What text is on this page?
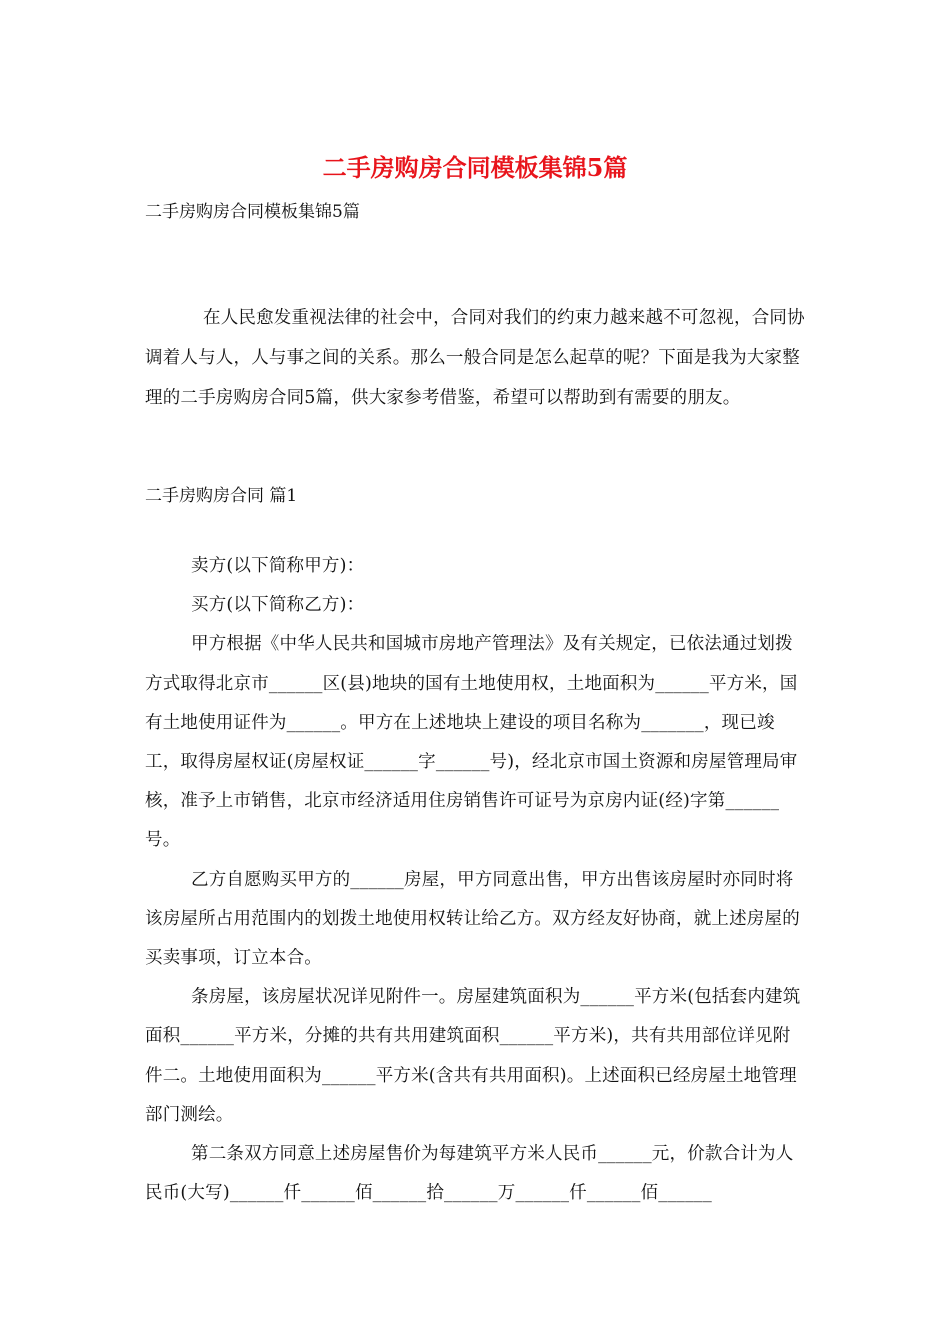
二手房购房合同模板集锦5篇

二手房购房合同模板集锦5篇

在人民愈发重视法律的社会中，合同对我们的约束力越来越不可忽视，合同协调着人与人，人与事之间的关系。那么一般合同是怎么起草的呢？下面是我为大家整理的二手房购房合同5篇，供大家参考借鉴，希望可以帮助到有需要的朋友。

二手房购房合同 篇1

卖方(以下简称甲方)：

买方(以下简称乙方)：

甲方根据《中华人民共和国城市房地产管理法》及有关规定，已依法通过划拨方式取得北京市______区(县)地块的国有土地使用权，土地面积为______平方米，国有土地使用证件为______。甲方在上述地块上建设的项目名称为_______，现已竣工，取得房屋权证(房屋权证______字______号)，经北京市国土资源和房屋管理局审核，准予上市销售，北京市经济适用住房销售许可证号为京房内证(经)字第______号。

乙方自愿购买甲方的______房屋，甲方同意出售，甲方出售该房屋时亦同时将该房屋所占用范围内的划拨土地使用权转让给乙方。双方经友好协商，就上述房屋的买卖事项，订立本合。

条房屋，该房屋状况详见附件一。房屋建筑面积为______平方米(包括套内建筑面积______平方米，分摊的共有共用建筑面积______平方米)，共有共用部位详见附件二。土地使用面积为______平方米(含共有共用面积)。上述面积已经房屋土地管理部门测绘。

第二条双方同意上述房屋售价为每建筑平方米人民币______元，价款合计为人民币(大写)______仟______佰______拾______万______仟______佰______
